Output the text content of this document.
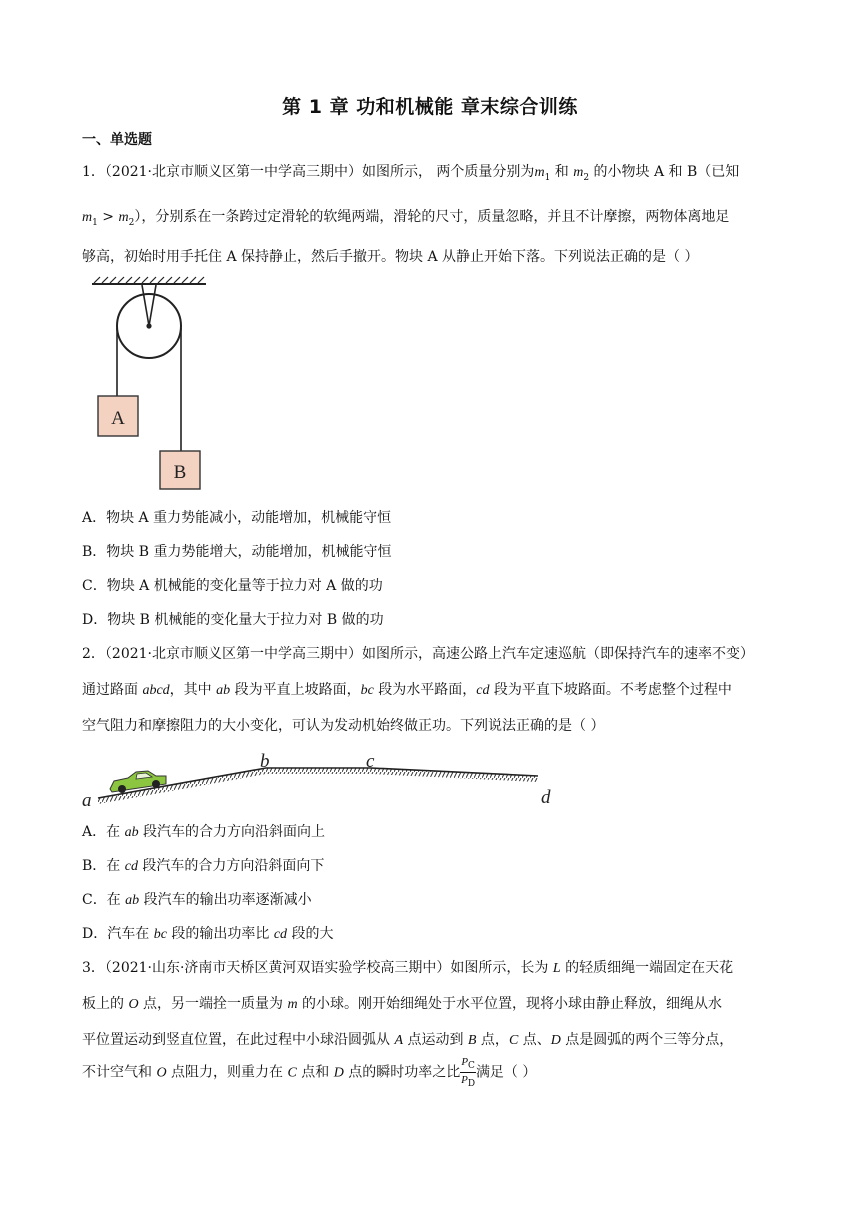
第 1 章 功和机械能 章末综合训练
一、单选题
1．（2021·北京市顺义区第一中学高三期中）如图所示， 两个质量分别为$m_1$ 和 $m_2$ 的小物块 A 和 B（已知
$m_1 > m_2$），分别系在一条跨过定滑轮的软绳两端，滑轮的尺寸，质量忽略，并且不计摩擦，两物体离地足
够高，初始时用手托住 A 保持静止，然后手撤开。物块 A 从静止开始下落。下列说法正确的是（ ）
A
B
A．物块 A 重力势能减小，动能增加，机械能守恒
B．物块 B 重力势能增大，动能增加，机械能守恒
C．物块 A 机械能的变化量等于拉力对 A 做的功
D．物块 B 机械能的变化量大于拉力对 B 做的功
2．（2021·北京市顺义区第一中学高三期中）如图所示，高速公路上汽车定速巡航（即保持汽车的速率不变）
通过路面 abcd，其中 ab 段为平直上坡路面，bc 段为水平路面，cd 段为平直下坡路面。不考虑整个过程中
空气阻力和摩擦阻力的大小变化，可认为发动机始终做正功。下列说法正确的是（ ）
a
b	c
d
A．在 ab 段汽车的合力方向沿斜面向上
B．在 cd 段汽车的合力方向沿斜面向下
C．在 ab 段汽车的输出功率逐渐减小
D．汽车在 bc 段的输出功率比 cd 段的大
3．（2021·山东·济南市天桥区黄河双语实验学校高三期中）如图所示，长为 L 的轻质细绳一端固定在天花
板上的 O 点，另一端拴一质量为 m 的小球。刚开始细绳处于水平位置，现将小球由静止释放，细绳从水
平位置运动到竖直位置，在此过程中小球沿圆弧从 A 点运动到 B 点，C 点、D 点是圆弧的两个三等分点，
不计空气和 O 点阻力，则重力在 C 点和 D 点的瞬时功率之比 $\frac{P_C}{P_D}$ 满足（ ）
